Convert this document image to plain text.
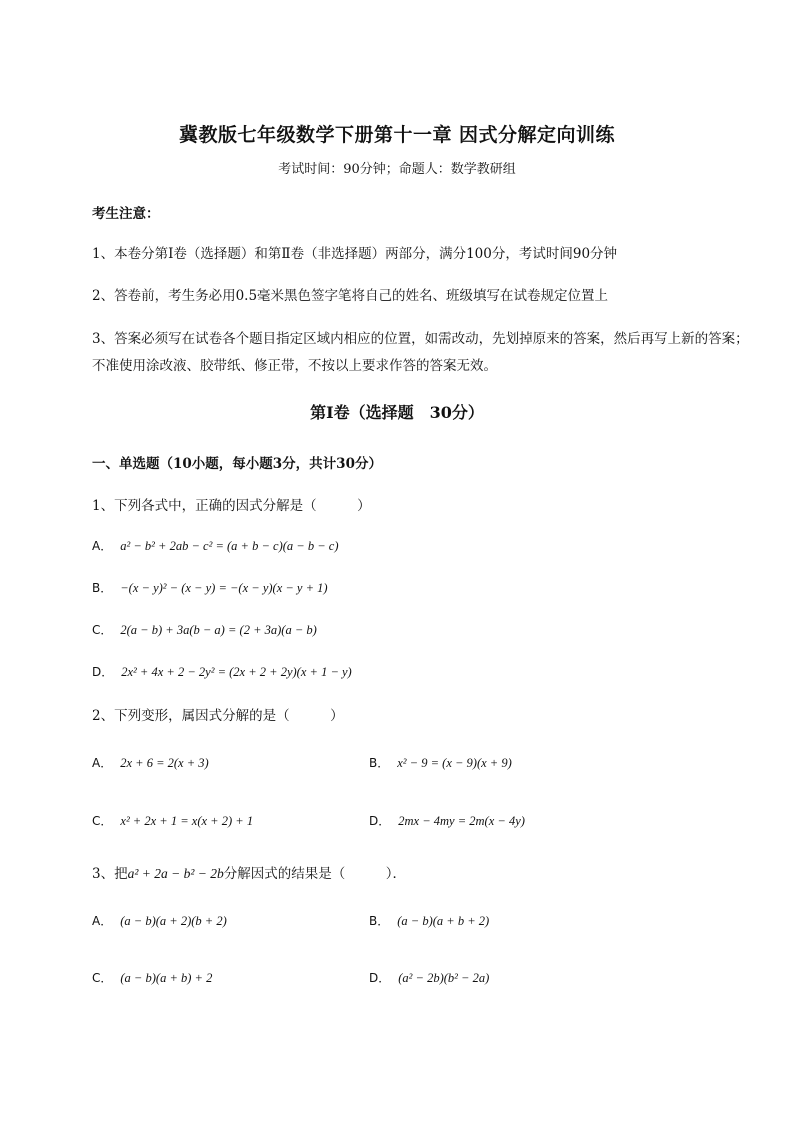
冀教版七年级数学下册第十一章 因式分解定向训练
考试时间：90分钟；命题人：数学教研组
考生注意：
1、本卷分第Ⅰ卷（选择题）和第Ⅱ卷（非选择题）两部分，满分100分，考试时间90分钟
2、答卷前，考生务必用0.5毫米黑色签字笔将自己的姓名、班级填写在试卷规定位置上
3、答案必须写在试卷各个题目指定区域内相应的位置，如需改动，先划掉原来的答案，然后再写上新的答案；不准使用涂改液、胶带纸、修正带，不按以上要求作答的答案无效。
第Ⅰ卷（选择题　30分）
一、单选题（10小题，每小题3分，共计30分）
1、下列各式中，正确的因式分解是（　　　）
A． a² − b² + 2ab − c² = (a + b − c)(a − b − c)
B． −(x − y)² − (x − y) = −(x − y)(x − y + 1)
C． 2(a − b) + 3a(b − a) = (2 + 3a)(a − b)
D． 2x² + 4x + 2 − 2y² = (2x + 2 + 2y)(x + 1 − y)
2、下列变形，属因式分解的是（　　　）
A． 2x + 6 = 2(x + 3)	B． x² − 9 = (x − 9)(x + 9)
C． x² + 2x + 1 = x(x + 2) + 1	D． 2mx − 4my = 2m(x − 4y)
3、把a² + 2a − b² − 2b分解因式的结果是（　　　）．
A． (a − b)(a + 2)(b + 2)	B． (a − b)(a + b + 2)
C． (a − b)(a + b) + 2	D． (a² − 2b)(b² − 2a)
